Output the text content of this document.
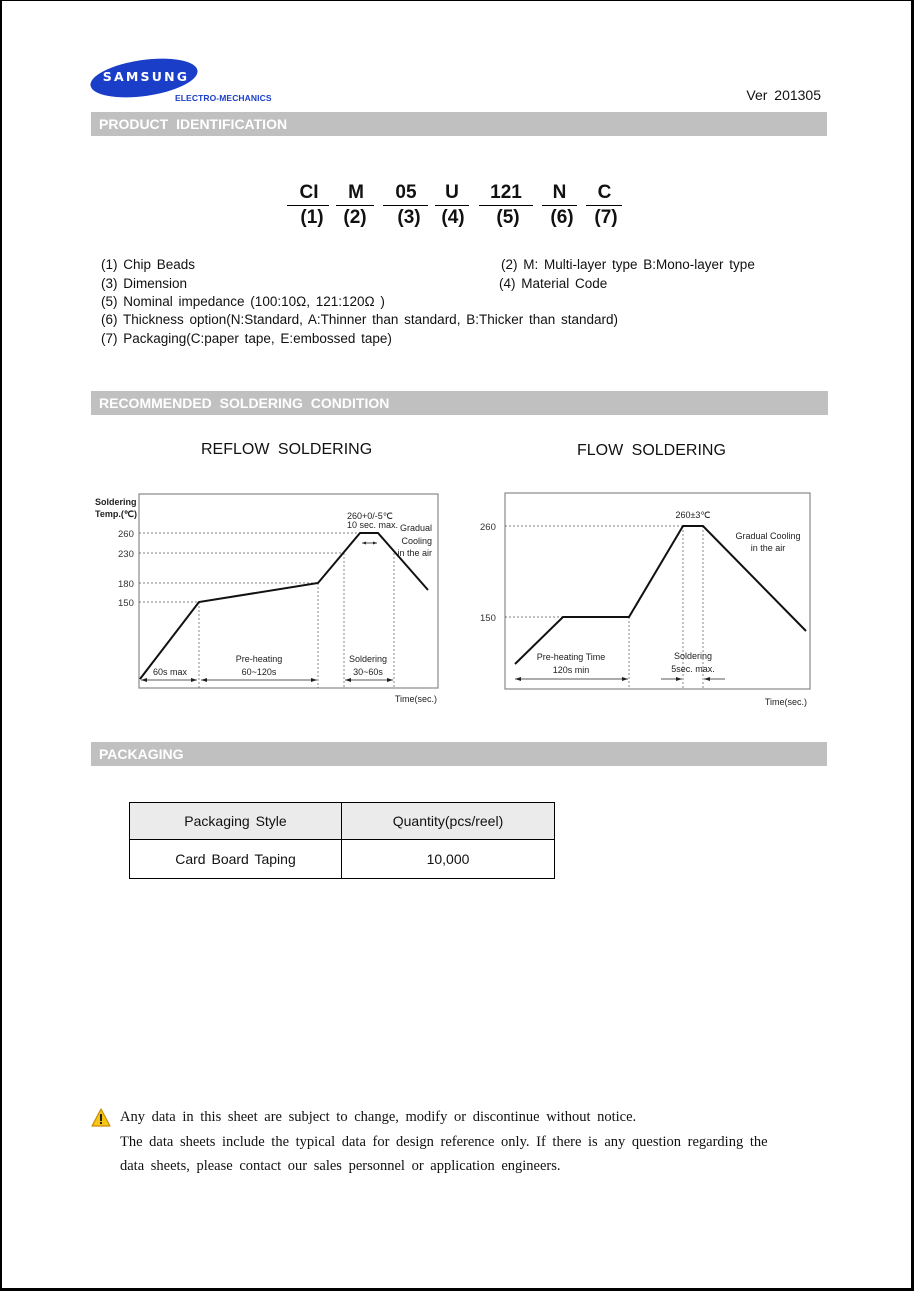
SAMSUNG
ELECTRO-MECHANICS	Ver 201305
PRODUCT IDENTIFICATION
CI	M	05	U	121	N	C
(1) (2) (3) (4) (5) (6) (7)
(1) Chip Beads	(2) M: Multi-layer type B:Mono-layer type
(3) Dimension	(4) Material Code
(5) Nominal impedance (100:10Ω, 121:120Ω )
(6) Thickness option(N:Standard, A:Thinner than standard, B:Thicker than standard)
(7) Packaging(C:paper tape, E:embossed tape)
RECOMMENDED SOLDERING CONDITION
REFLOW SOLDERING	FLOW SOLDERING
Soldering
Temp.(℃)
260
230
180
150
260+0/-5℃
10 sec. max. Gradual
Cooling
in the air
60s max
Pre-heating
60~120s
Soldering
30~60s
Time(sec.)
260
150
260±3℃
Gradual Cooling
in the air
Pre-heating Time
120s min
Soldering
5sec. max.
Time(sec.)
PACKAGING
Packaging Style	Quantity(pcs/reel)
Card Board Taping	10,000
Any data in this sheet are subject to change, modify or discontinue without notice.
The data sheets include the typical data for design reference only. If there is any question regarding the
data sheets, please contact our sales personnel or application engineers.
